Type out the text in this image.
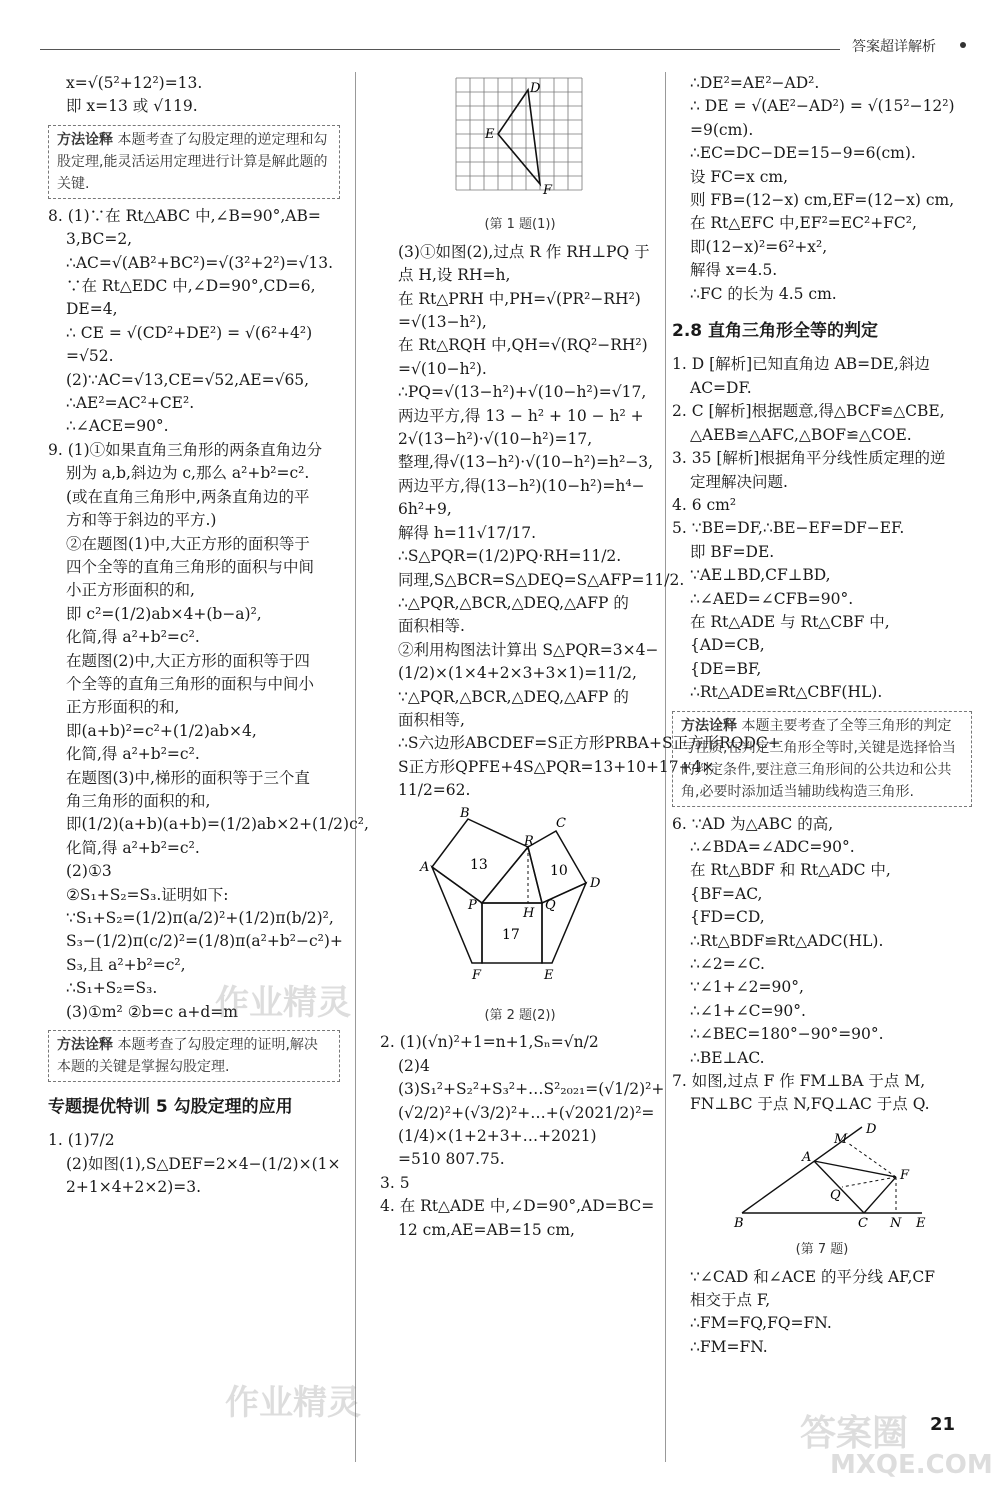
答案超详解析
x=√(5²+12²)=13.
即 x=13 或 √119.
方法诠释 本题考查了勾股定理的逆定理和勾股定理,能灵活运用定理进行计算是解此题的关键.
8. (1)∵在 Rt△ABC 中,∠B=90°,AB=
3,BC=2,
∴AC=√(AB²+BC²)=√(3²+2²)=√13.
∵在 Rt△EDC 中,∠D=90°,CD=6,
DE=4,
∴ CE = √(CD²+DE²) = √(6²+4²)
=√52.
(2)∵AC=√13,CE=√52,AE=√65,
∴AE²=AC²+CE².
∴∠ACE=90°.
9. (1)①如果直角三角形的两条直角边分
别为 a,b,斜边为 c,那么 a²+b²=c².
(或在直角三角形中,两条直角边的平
方和等于斜边的平方.)
②在题图(1)中,大正方形的面积等于
四个全等的直角三角形的面积与中间
小正方形面积的和,
即 c²=(1/2)ab×4+(b−a)²,
化简,得 a²+b²=c².
在题图(2)中,大正方形的面积等于四
个全等的直角三角形的面积与中间小
正方形面积的和,
即(a+b)²=c²+(1/2)ab×4,
化简,得 a²+b²=c².
在题图(3)中,梯形的面积等于三个直
角三角形的面积的和,
即(1/2)(a+b)(a+b)=(1/2)ab×2+(1/2)c²,
化简,得 a²+b²=c².
(2)①3
②S₁+S₂=S₃.证明如下:
∵S₁+S₂=(1/2)π(a/2)²+(1/2)π(b/2)²,
S₃−(1/2)π(c/2)²=(1/8)π(a²+b²−c²)+
S₃,且 a²+b²=c²,
∴S₁+S₂=S₃.
(3)①m² ②b=c a+d=m
方法诠释 本题考查了勾股定理的证明,解决本题的关键是掌握勾股定理.
专题提优特训 5 勾股定理的应用
1. (1)7/2
(2)如图(1),S△DEF=2×4−(1/2)×(1×
2+1×4+2×2)=3.
D
E
F
(第 1 题(1))
(3)①如图(2),过点 R 作 RH⊥PQ 于
点 H,设 RH=h,
在 Rt△PRH 中,PH=√(PR²−RH²)
=√(13−h²),
在 Rt△RQH 中,QH=√(RQ²−RH²)
=√(10−h²).
∴PQ=√(13−h²)+√(10−h²)=√17,
两边平方,得 13 − h² + 10 − h² +
2√(13−h²)·√(10−h²)=17,
整理,得√(13−h²)·√(10−h²)=h²−3,
两边平方,得(13−h²)(10−h²)=h⁴−
6h²+9,
解得 h=11√17/17.
∴S△PQR=(1/2)PQ·RH=11/2.
同理,S△BCR=S△DEQ=S△AFP=11/2.
∴△PQR,△BCR,△DEQ,△AFP 的
面积相等.
②利用构图法计算出 S△PQR=3×4−
(1/2)×(1×4+2×3+3×1)=11/2,
∵△PQR,△BCR,△DEQ,△AFP 的
面积相等,
∴S六边形ABCDEF=S正方形PRBA+S正方形RQDC+
S正方形QPFE+4S△PQR=13+10+17+4×
11/2=62.
B
C
A
R
D
P
H
Q
F	E
13	10
17
(第 2 题(2))
2. (1)(√n)²+1=n+1,Sₙ=√n/2
(2)4
(3)S₁²+S₂²+S₃²+…S²₂₀₂₁=(√1/2)²+
(√2/2)²+(√3/2)²+…+(√2021/2)²=
(1/4)×(1+2+3+…+2021)
=510 807.75.
3. 5
4. 在 Rt△ADE 中,∠D=90°,AD=BC=
12 cm,AE=AB=15 cm,
∴DE²=AE²−AD².
∴ DE = √(AE²−AD²) = √(15²−12²)
=9(cm).
∴EC=DC−DE=15−9=6(cm).
设 FC=x cm,
则 FB=(12−x) cm,EF=(12−x) cm,
在 Rt△EFC 中,EF²=EC²+FC²,
即(12−x)²=6²+x²,
解得 x=4.5.
∴FC 的长为 4.5 cm.
2.8 直角三角形全等的判定
1. D [解析]已知直角边 AB=DE,斜边
AC=DF.
2. C [解析]根据题意,得△BCF≌△CBE,
△AEB≌△AFC,△BOF≌△COE.
3. 35 [解析]根据角平分线性质定理的逆
定理解决问题.
4. 6 cm²
5. ∵BE=DF,∴BE−EF=DF−EF.
即 BF=DE.
∵AE⊥BD,CF⊥BD,
∴∠AED=∠CFB=90°.
在 Rt△ADE 与 Rt△CBF 中,
{AD=CB,
{DE=BF,
∴Rt△ADE≌Rt△CBF(HL).
方法诠释 本题主要考查了全等三角形的判定与性质,在判定三角形全等时,关键是选择恰当的判定条件,要注意三角形间的公共边和公共角,必要时添加适当辅助线构造三角形.
6. ∵AD 为△ABC 的高,
∴∠BDA=∠ADC=90°.
在 Rt△BDF 和 Rt△ADC 中,
{BF=AC,
{FD=CD,
∴Rt△BDF≌Rt△ADC(HL).
∴∠2=∠C.
∵∠1+∠2=90°,
∴∠1+∠C=90°.
∴∠BEC=180°−90°=90°.
∴BE⊥AC.
7. 如图,过点 F 作 FM⊥BA 于点 M,
FN⊥BC 于点 N,FQ⊥AC 于点 Q.
D
M
A
F
Q
B	C N E
(第 7 题)
∵∠CAD 和∠ACE 的平分线 AF,CF
相交于点 F,
∴FM=FQ,FQ=FN.
∴FM=FN.
21
作业精灵
作业精灵
答案圈
MXQE.COM
